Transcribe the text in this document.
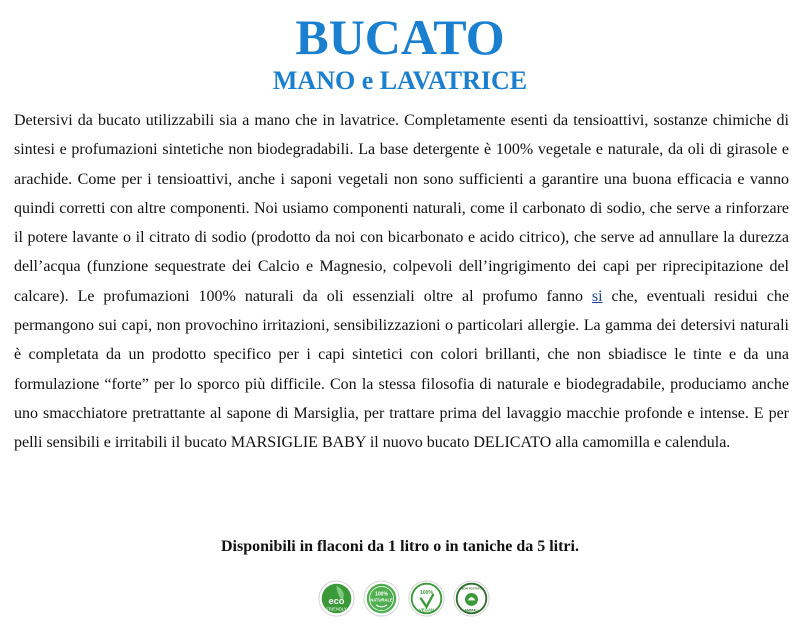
BUCATO
MANO e LAVATRICE

Detersivi da bucato utilizzabili sia a mano che in lavatrice. Completamente esenti da tensioattivi, sostanze chimiche di sintesi e profumazioni sintetiche non biodegradabili. La base detergente è 100% vegetale e naturale, da oli di girasole e arachide. Come per i tensioattivi, anche i saponi vegetali non sono sufficienti a garantire una buona efficacia e vanno quindi corretti con altre componenti. Noi usiamo componenti naturali, come il carbonato di sodio, che serve a rinforzare il potere lavante o il citrato di sodio (prodotto da noi con bicarbonato e acido citrico), che serve ad annullare la durezza dell’acqua (funzione sequestrate dei Calcio e Magnesio, colpevoli dell’ingrigimento dei capi per riprecipitazione del calcare). Le profumazioni 100% naturali da oli essenziali oltre al profumo fanno si che, eventuali residui che permangono sui capi, non provochino irritazioni, sensibilizzazioni o particolari allergie. La gamma dei detersivi naturali è completata da un prodotto specifico per i capi sintetici con colori brillanti, che non sbiadisce le tinte e da una formulazione “forte” per lo sporco più difficile. Con la stessa filosofia di naturale e biodegradabile, produciamo anche uno smacchiatore pretrattante al sapone di Marsiglia, per trattare prima del lavaggio macchie profonde e intense. E per pelli sensibili e irritabili il bucato MARSIGLIE BABY il nuovo bucato DELICATO alla camomilla e calendula.

Disponibili in flaconi da 1 litro o in taniche da 5 litri.
eco
FRIENDLY
100%
NATURALE
100%
VEGAN
NON TESTATO
ANIMALI
